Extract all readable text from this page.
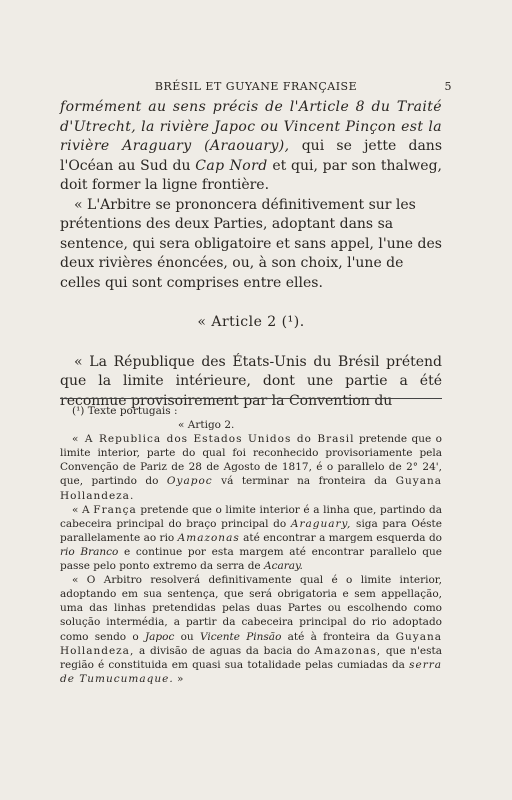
BRÉSIL ET GUYANE FRANÇAISE	5

formément au sens précis de l'Article 8 du Traité d'Utrecht, la rivière Japoc ou Vincent Pinçon est la rivière Araguary (Araouary), qui se jette dans l'Océan au Sud du Cap Nord et qui, par son thalweg, doit former la ligne frontière.

« L'Arbitre se prononcera définitivement sur les prétentions des deux Parties, adoptant dans sa sentence, qui sera obligatoire et sans appel, l'une des deux rivières énoncées, ou, à son choix, l'une de celles qui sont comprises entre elles.

« Article 2 (¹).

« La République des États-Unis du Brésil prétend que la limite intérieure, dont une partie a été reconnue provisoirement par la Convention du

(¹) Texte portugais :

« Artigo 2.

« A Republica dos Estados Unidos do Brasil pretende que o limite interior, parte do qual foi reconhecido provisoriamente pela Convenção de Pariz de 28 de Agosto de 1817, é o parallelo de 2° 24', que, partindo do Oyapoc vá terminar na fronteira da Guyana Hollandeza.

« A França pretende que o limite interior é a linha que, partindo da cabeceira principal do braço principal do Araguary, siga para Oéste parallelamente ao rio Amazonas até encontrar a margem esquerda do rio Branco e continue por esta margem até encontrar parallelo que passe pelo ponto extremo da serra de Acaray.

« O Arbitro resolverá definitivamente qual é o limite interior, adoptando em sua sentença, que será obrigatoria e sem appellação, uma das linhas pretendidas pelas duas Partes ou escolhendo como solução intermédia, a partir da cabeceira principal do rio adoptado como sendo o Japoc ou Vicente Pinsão até à fronteira da Guyana Hollandeza, a divisão de aguas da bacia do Amazonas, que n'esta região é constituida em quasi sua totalidade pelas cumiadas da serra de Tumucumaque. »
